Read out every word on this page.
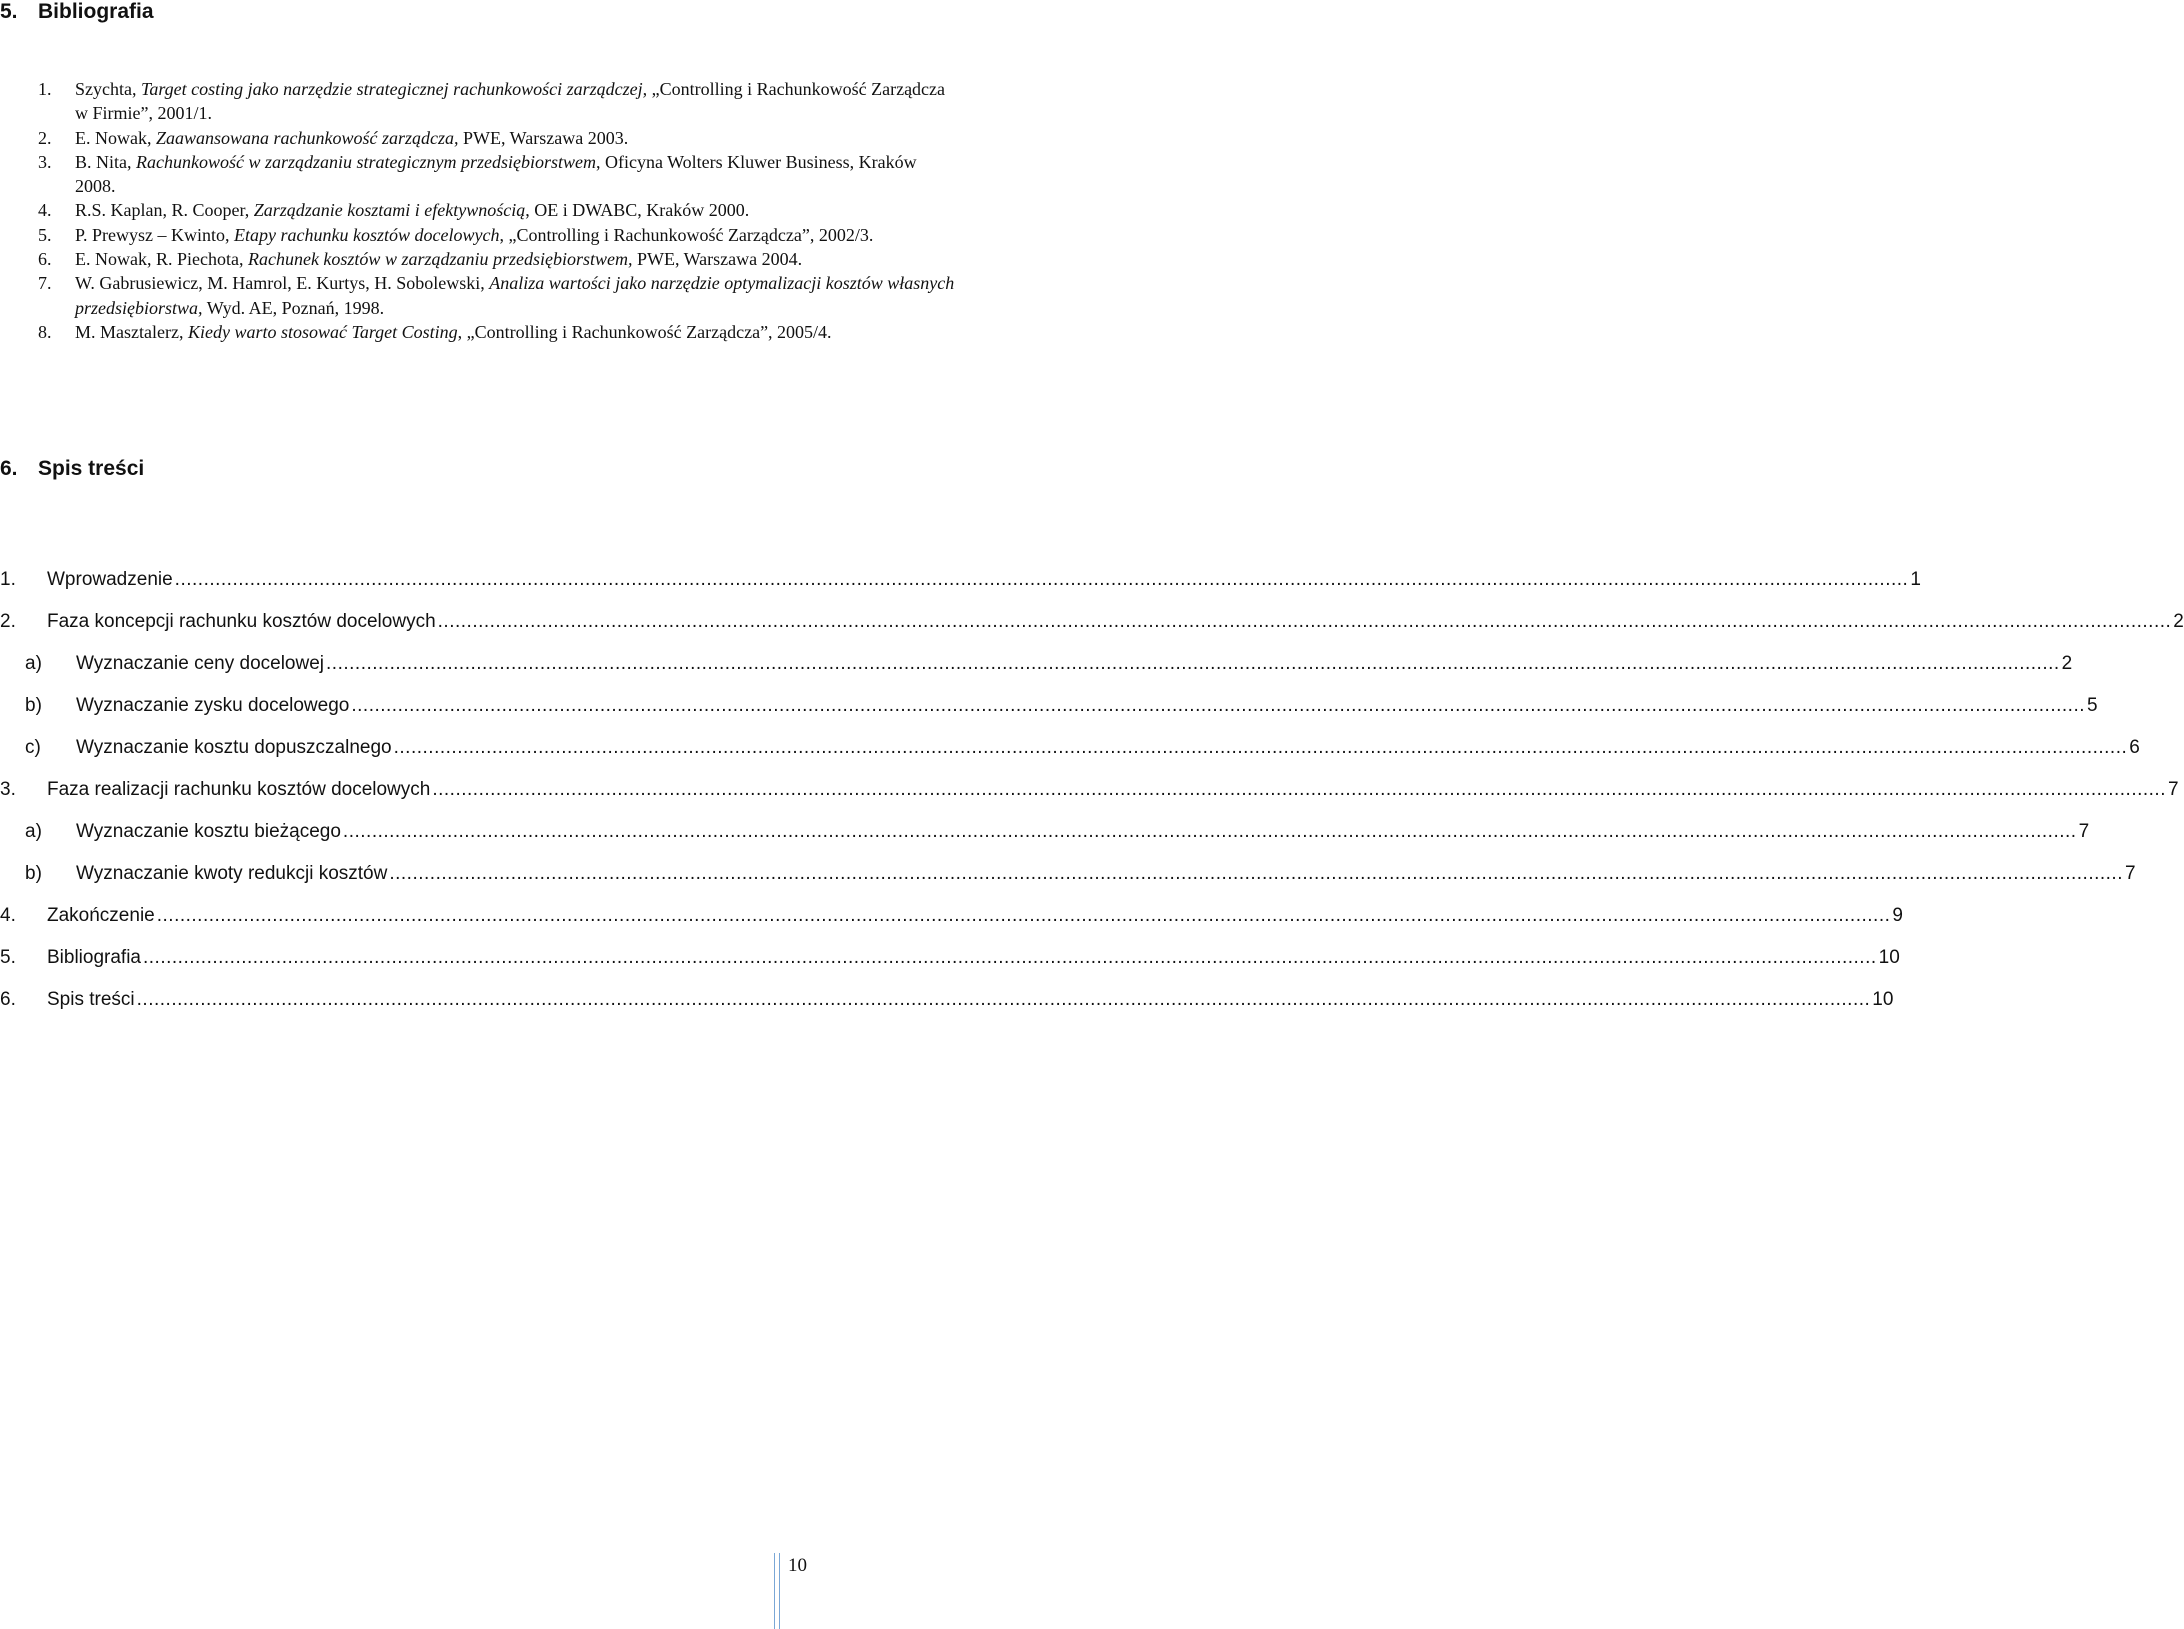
5. Bibliografia
1. Szychta, Target costing jako narzędzie strategicznej rachunkowości zarządczej, „Controlling i Rachunkowość Zarządcza w Firmie”, 2001/1.
2. E. Nowak, Zaawansowana rachunkowość zarządcza, PWE, Warszawa 2003.
3. B. Nita, Rachunkowość w zarządzaniu strategicznym przedsiębiorstwem, Oficyna Wolters Kluwer Business, Kraków 2008.
4. R.S. Kaplan, R. Cooper, Zarządzanie kosztami i efektywnością, OE i DWABC, Kraków 2000.
5. P. Prewysz – Kwinto, Etapy rachunku kosztów docelowych, „Controlling i Rachunkowość Zarządcza”, 2002/3.
6. E. Nowak, R. Piechota, Rachunek kosztów w zarządzaniu przedsiębiorstwem, PWE, Warszawa 2004.
7. W. Gabrusiewicz, M. Hamrol, E. Kurtys, H. Sobolewski, Analiza wartości jako narzędzie optymalizacji kosztów własnych przedsiębiorstwa, Wyd. AE, Poznań, 1998.
8. M. Masztalerz, Kiedy warto stosować Target Costing, „Controlling i Rachunkowość Zarządcza”, 2005/4.
6. Spis treści
1.	Wprowadzenie ............................................................................................................................................................................................................................................................................................................ 1
2.	Faza koncepcji rachunku kosztów docelowych ............................................................................................................................................................................................................................................................................................................ 2
a)	Wyznaczanie ceny docelowej ............................................................................................................................................................................................................................................................................................................ 2
b)	Wyznaczanie zysku docelowego ............................................................................................................................................................................................................................................................................................................ 5
c)	Wyznaczanie kosztu dopuszczalnego ............................................................................................................................................................................................................................................................................................................ 6
3.	Faza realizacji rachunku kosztów docelowych ............................................................................................................................................................................................................................................................................................................ 7
a)	Wyznaczanie kosztu bieżącego ............................................................................................................................................................................................................................................................................................................ 7
b)	Wyznaczanie kwoty redukcji kosztów ............................................................................................................................................................................................................................................................................................................ 7
4.	Zakończenie ............................................................................................................................................................................................................................................................................................................ 9
5.	Bibliografia ............................................................................................................................................................................................................................................................................................................ 10
6.	Spis treści ............................................................................................................................................................................................................................................................................................................ 10
10
